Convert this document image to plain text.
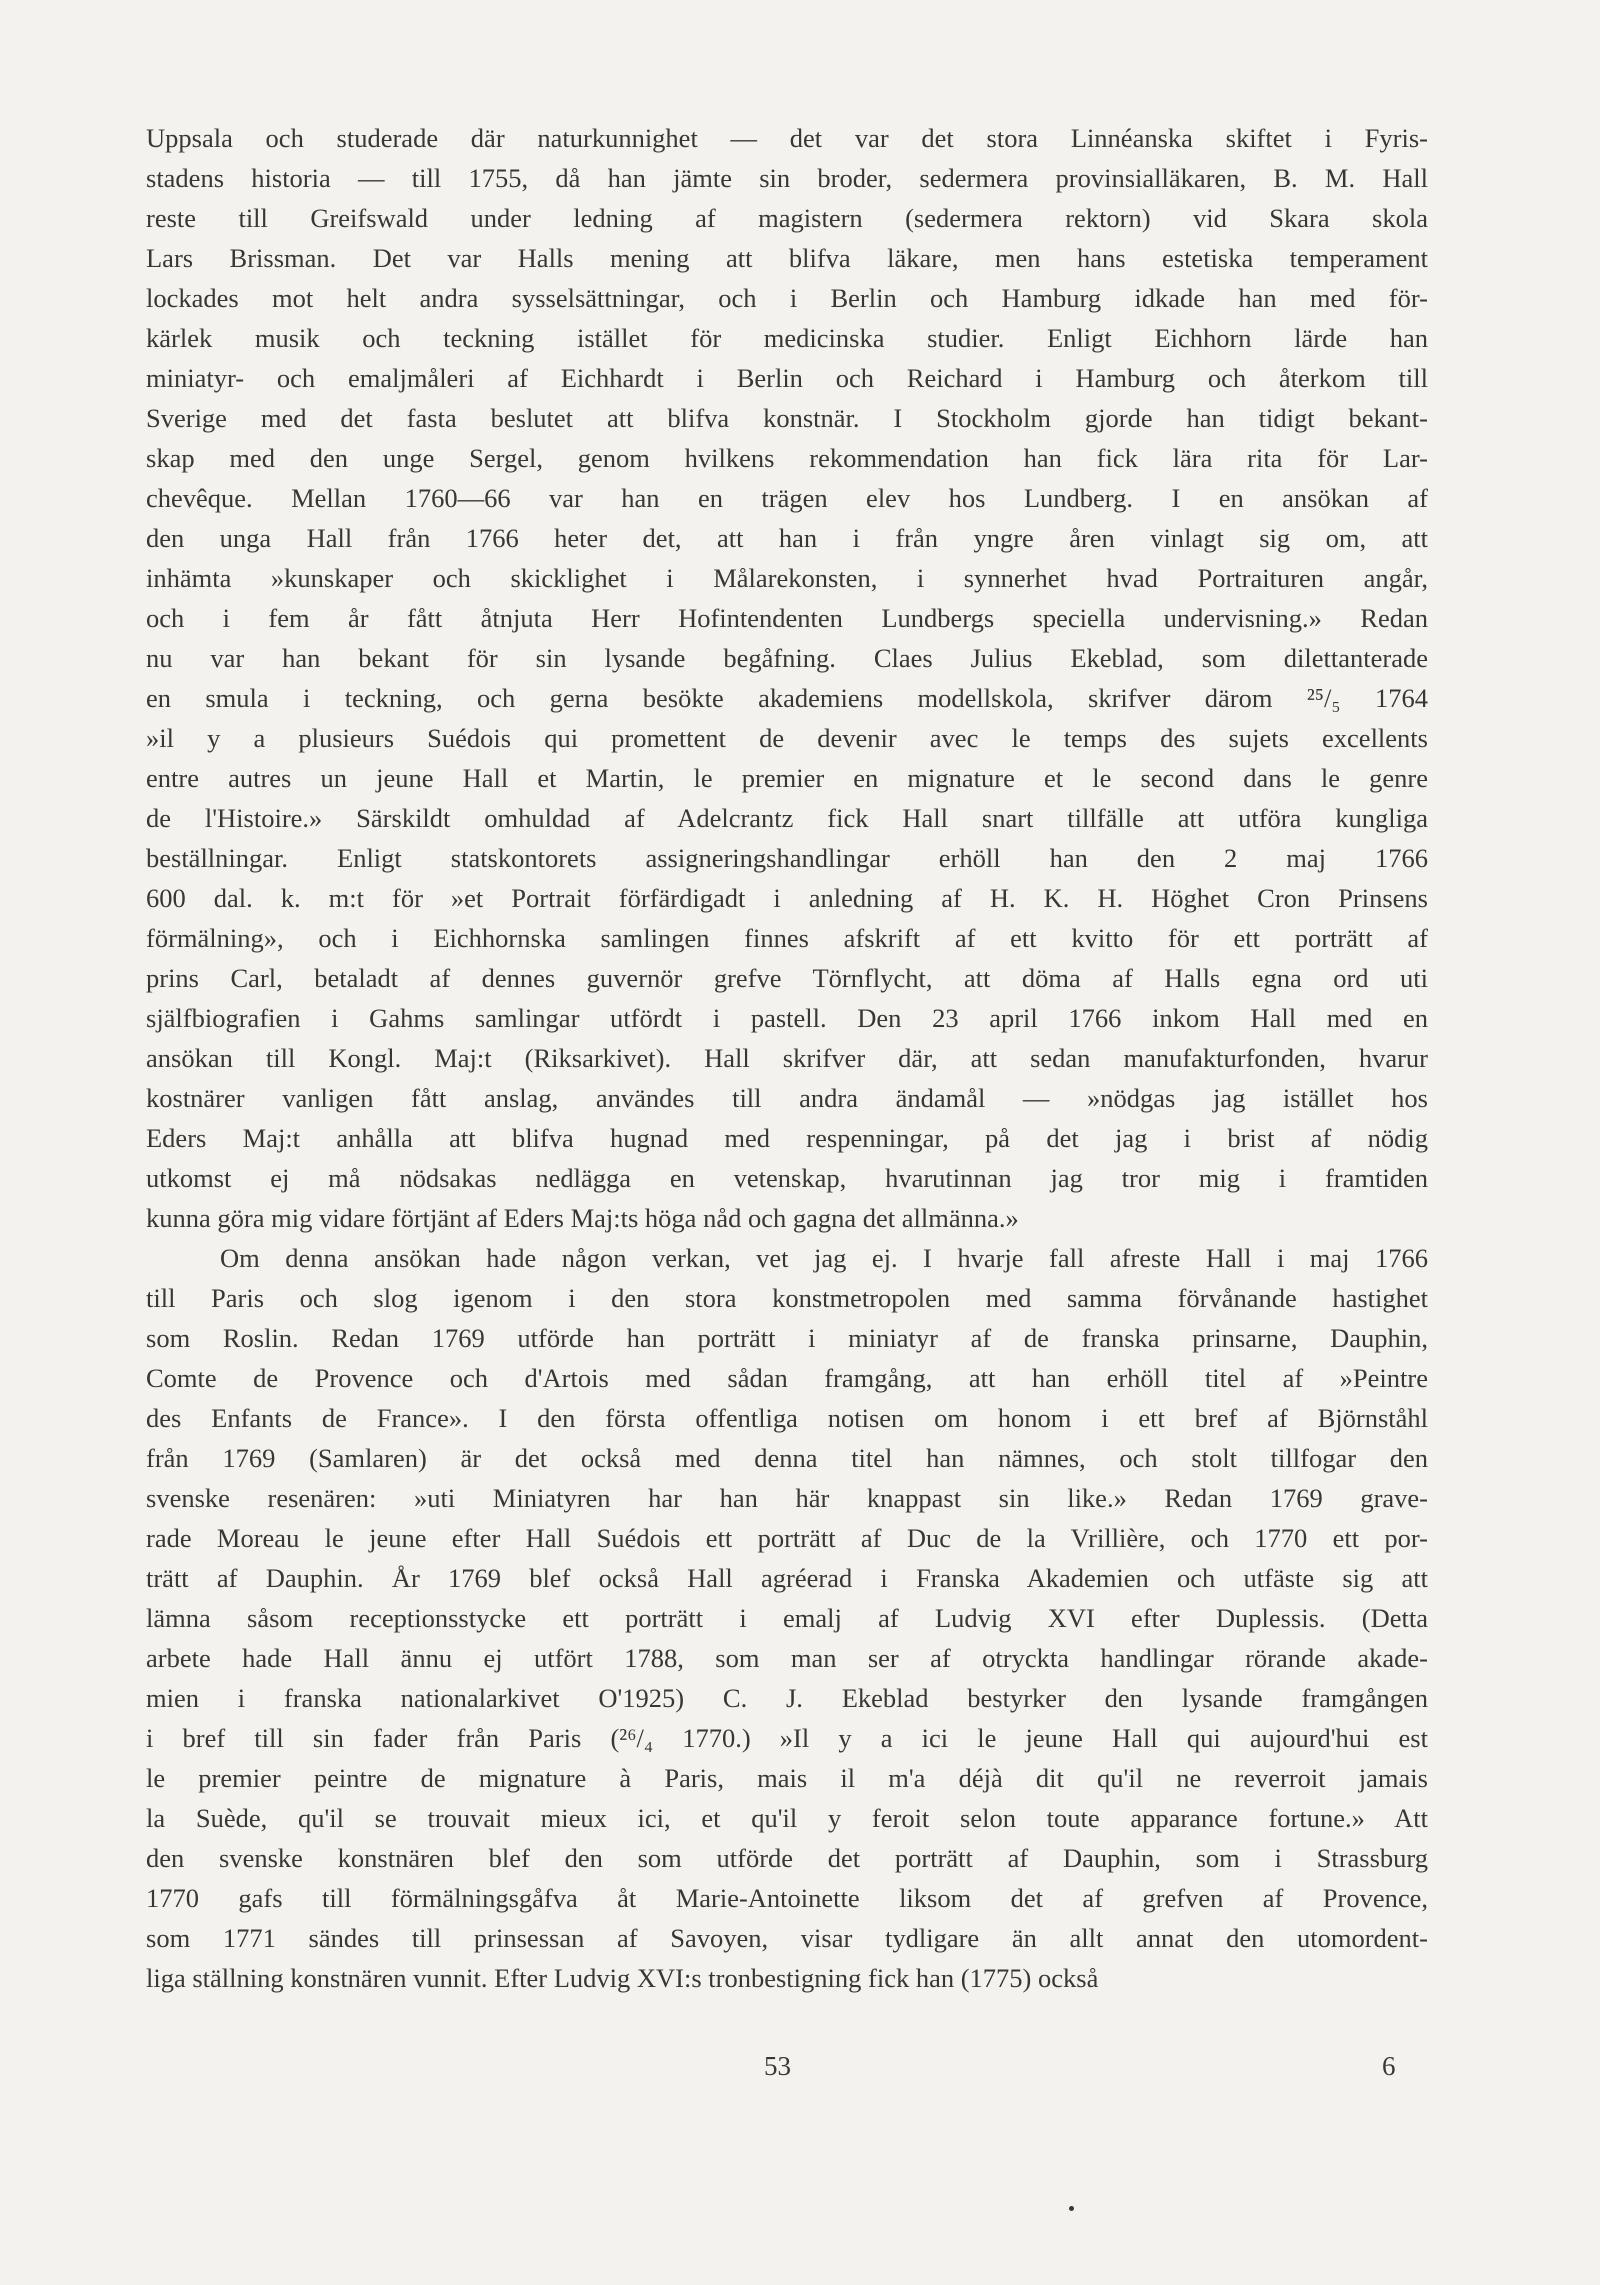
Uppsala och studerade där naturkunnighet — det var det stora Linnéanska skiftet i Fyris-
stadens historia — till 1755, då han jämte sin broder, sedermera provinsialläkaren, B. M. Hall
reste till Greifswald under ledning af magistern (sedermera rektorn) vid Skara skola
Lars Brissman. Det var Halls mening att blifva läkare, men hans estetiska temperament
lockades mot helt andra sysselsättningar, och i Berlin och Hamburg idkade han med för-
kärlek musik och teckning istället för medicinska studier. Enligt Eichhorn lärde han
miniatyr- och emaljmåleri af Eichhardt i Berlin och Reichard i Hamburg och återkom till
Sverige med det fasta beslutet att blifva konstnär. I Stockholm gjorde han tidigt bekant-
skap med den unge Sergel, genom hvilkens rekommendation han fick lära rita för Lar-
chevêque. Mellan 1760—66 var han en trägen elev hos Lundberg. I en ansökan af
den unga Hall från 1766 heter det, att han i från yngre åren vinlagt sig om, att
inhämta »kunskaper och skicklighet i Målarekonsten, i synnerhet hvad Portraituren angår,
och i fem år fått åtnjuta Herr Hofintendenten Lundbergs speciella undervisning.» Redan
nu var han bekant för sin lysande begåfning. Claes Julius Ekeblad, som dilettanterade
en smula i teckning, och gerna besökte akademiens modellskola, skrifver därom ²⁵/₅ 1764
»il y a plusieurs Suédois qui promettent de devenir avec le temps des sujets excellents
entre autres un jeune Hall et Martin, le premier en mignature et le second dans le genre
de l'Histoire.» Särskildt omhuldad af Adelcrantz fick Hall snart tillfälle att utföra kungliga
beställningar. Enligt statskontorets assigneringshandlingar erhöll han den 2 maj 1766
600 dal. k. m:t för »et Portrait förfärdigadt i anledning af H. K. H. Höghet Cron Prinsens
förmälning», och i Eichhornska samlingen finnes afskrift af ett kvitto för ett porträtt af
prins Carl, betaladt af dennes guvernör grefve Törnflycht, att döma af Halls egna ord uti
själfbiografien i Gahms samlingar utfördt i pastell. Den 23 april 1766 inkom Hall med en
ansökan till Kongl. Maj:t (Riksarkivet). Hall skrifver där, att sedan manufakturfonden, hvarur
kostnärer vanligen fått anslag, användes till andra ändamål — »nödgas jag istället hos
Eders Maj:t anhålla att blifva hugnad med respenningar, på det jag i brist af nödig
utkomst ej må nödsakas nedlägga en vetenskap, hvarutinnan jag tror mig i framtiden
kunna göra mig vidare förtjänt af Eders Maj:ts höga nåd och gagna det allmänna.»
Om denna ansökan hade någon verkan, vet jag ej. I hvarje fall afreste Hall i maj 1766
till Paris och slog igenom i den stora konstmetropolen med samma förvånande hastighet
som Roslin. Redan 1769 utförde han porträtt i miniatyr af de franska prinsarne, Dauphin,
Comte de Provence och d'Artois med sådan framgång, att han erhöll titel af »Peintre
des Enfants de France». I den första offentliga notisen om honom i ett bref af Björnståhl
från 1769 (Samlaren) är det också med denna titel han nämnes, och stolt tillfogar den
svenske resenären: »uti Miniatyren har han här knappast sin like.» Redan 1769 grave-
rade Moreau le jeune efter Hall Suédois ett porträtt af Duc de la Vrillière, och 1770 ett por-
trätt af Dauphin. År 1769 blef också Hall agréerad i Franska Akademien och utfäste sig att
lämna såsom receptionsstycke ett porträtt i emalj af Ludvig XVI efter Duplessis. (Detta
arbete hade Hall ännu ej utfört 1788, som man ser af otryckta handlingar rörande akade-
mien i franska nationalarkivet O'1925) C. J. Ekeblad bestyrker den lysande framgången
i bref till sin fader från Paris (²⁶/₄ 1770.) »Il y a ici le jeune Hall qui aujourd'hui est
le premier peintre de mignature à Paris, mais il m'a déjà dit qu'il ne reverroit jamais
la Suède, qu'il se trouvait mieux ici, et qu'il y feroit selon toute apparance fortune.» Att
den svenske konstnären blef den som utförde det porträtt af Dauphin, som i Strassburg
1770 gafs till förmälningsgåfva åt Marie-Antoinette liksom det af grefven af Provence,
som 1771 sändes till prinsessan af Savoyen, visar tydligare än allt annat den utomordent-
liga ställning konstnären vunnit. Efter Ludvig XVI:s tronbestigning fick han (1775) också
53	6
